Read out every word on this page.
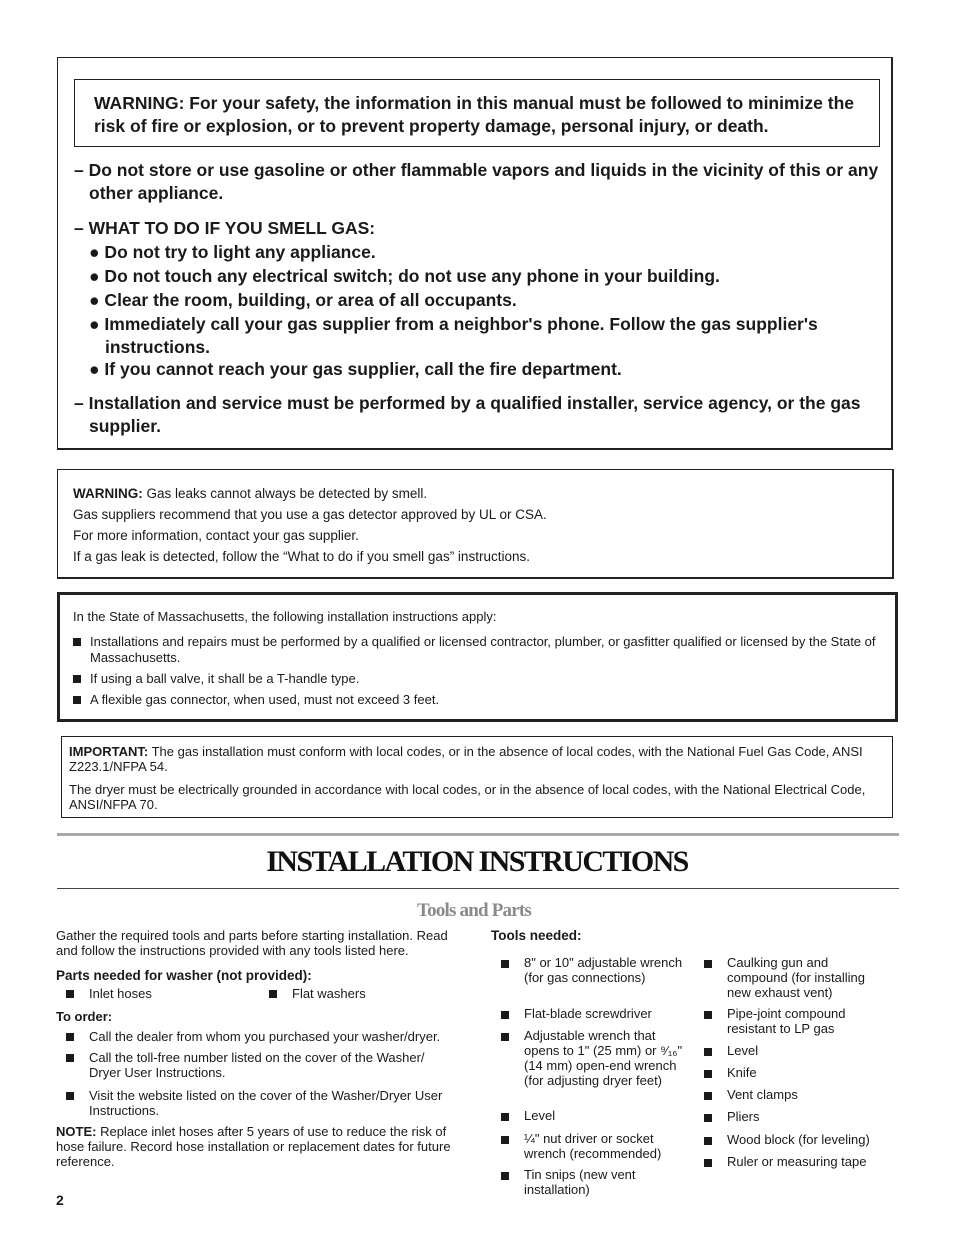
WARNING: For your safety, the information in this manual must be followed to minimize the risk of fire or explosion, or to prevent property damage, personal injury, or death.
– Do not store or use gasoline or other flammable vapors and liquids in the vicinity of this or any other appliance.
– WHAT TO DO IF YOU SMELL GAS:
● Do not try to light any appliance.
● Do not touch any electrical switch; do not use any phone in your building.
● Clear the room, building, or area of all occupants.
● Immediately call your gas supplier from a neighbor's phone. Follow the gas supplier's instructions.
● If you cannot reach your gas supplier, call the fire department.
– Installation and service must be performed by a qualified installer, service agency, or the gas supplier.
WARNING: Gas leaks cannot always be detected by smell.
Gas suppliers recommend that you use a gas detector approved by UL or CSA.
For more information, contact your gas supplier.
If a gas leak is detected, follow the “What to do if you smell gas” instructions.
In the State of Massachusetts, the following installation instructions apply:
Installations and repairs must be performed by a qualified or licensed contractor, plumber, or gasfitter qualified or licensed by the State of Massachusetts.
If using a ball valve, it shall be a T-handle type.
A flexible gas connector, when used, must not exceed 3 feet.
IMPORTANT: The gas installation must conform with local codes, or in the absence of local codes, with the National Fuel Gas Code, ANSI Z223.1/NFPA 54.
The dryer must be electrically grounded in accordance with local codes, or in the absence of local codes, with the National Electrical Code, ANSI/NFPA 70.
INSTALLATION INSTRUCTIONS
Tools and Parts
Gather the required tools and parts before starting installation. Read and follow the instructions provided with any tools listed here.
Parts needed for washer (not provided):
Inlet hoses	Flat washers
To order:
Call the dealer from whom you purchased your washer/dryer.
Call the toll-free number listed on the cover of the Washer/ Dryer User Instructions.
Visit the website listed on the cover of the Washer/Dryer User Instructions.
NOTE: Replace inlet hoses after 5 years of use to reduce the risk of hose failure. Record hose installation or replacement dates for future reference.
Tools needed:
8" or 10" adjustable wrench (for gas connections)
Flat-blade screwdriver
Adjustable wrench that opens to 1" (25 mm) or ⁹⁄₁₆" (14 mm) open-end wrench (for adjusting dryer feet)
Level
¼" nut driver or socket wrench (recommended)
Tin snips (new vent installation)
Caulking gun and compound (for installing new exhaust vent)
Pipe-joint compound resistant to LP gas
Level
Knife
Vent clamps
Pliers
Wood block (for leveling)
Ruler or measuring tape
2
